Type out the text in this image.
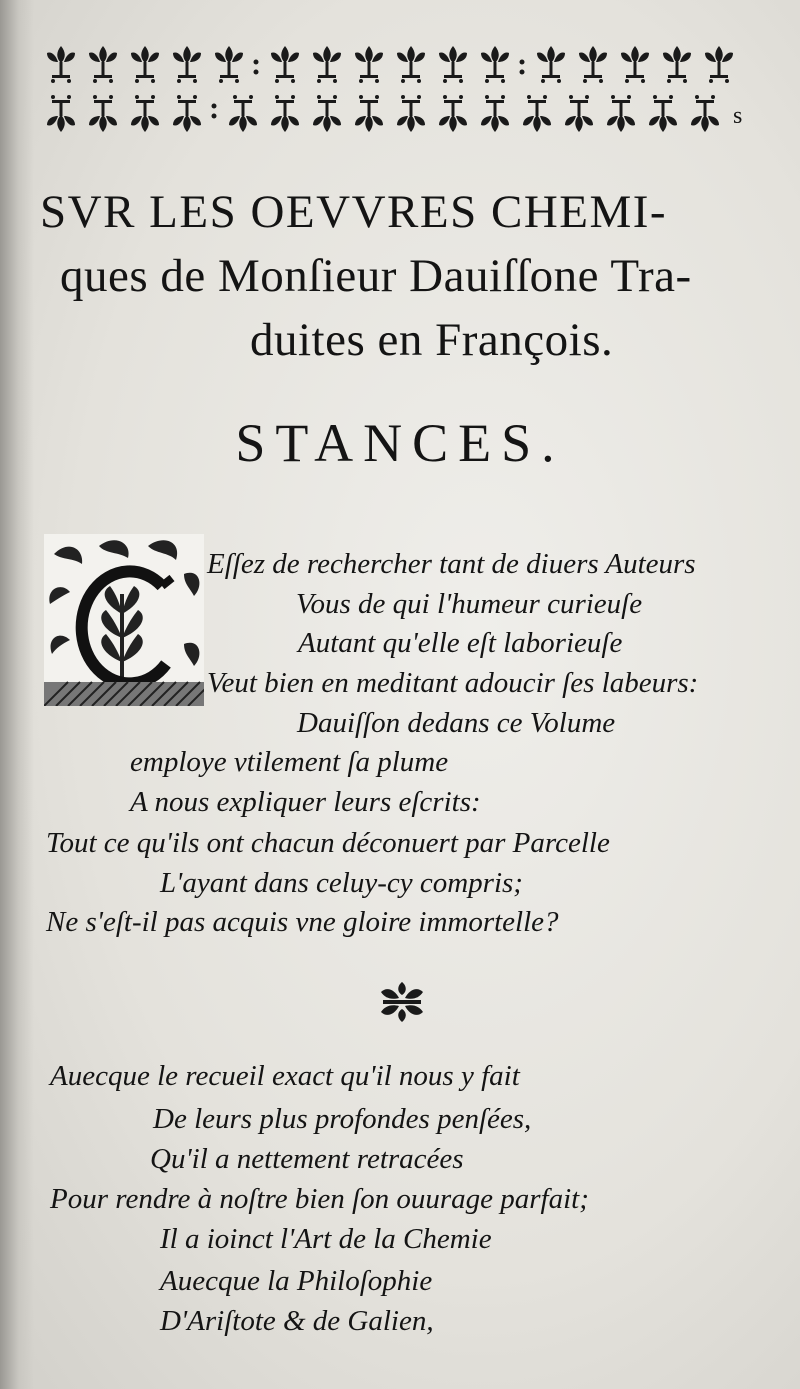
s
SVR LES OEVVRES CHEMI-
ques de Monſieur Dauiſſone Tra-
duites en François.
STANCES.
Eſſez de rechercher tant de diuers Auteurs
Vous de qui l'humeur curieuſe
Autant qu'elle eſt laborieuſe
Veut bien en meditant adoucir ſes labeurs:
Dauiſſon dedans ce Volume
employe vtilement ſa plume
A nous expliquer leurs eſcrits:
Tout ce qu'ils ont chacun déconuert par Parcelle
L'ayant dans celuy-cy compris;
Ne s'eſt-il pas acquis vne gloire immortelle?
Auecque le recueil exact qu'il nous y fait
De leurs plus profondes penſées,
Qu'il a nettement retracées
Pour rendre à noſtre bien ſon ouurage parfait;
Il a ioinct l'Art de la Chemie
Auecque la Philoſophie
D'Ariſtote & de Galien,
